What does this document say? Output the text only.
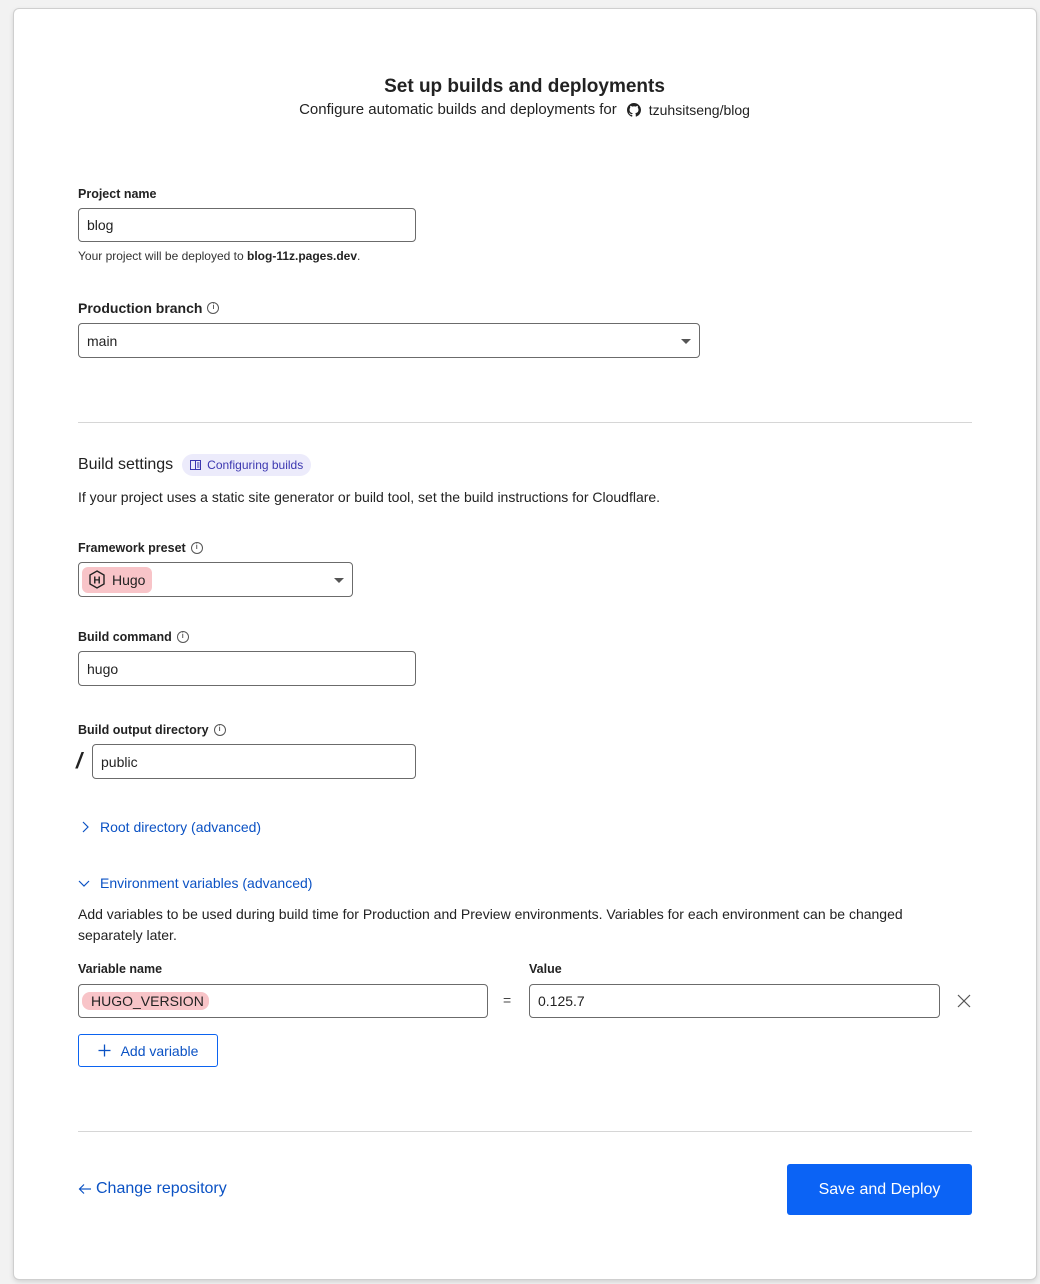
Set up builds and deployments
Configure automatic builds and deployments for tzuhsitseng/blog
Project name
blog
Your project will be deployed to blog-11z.pages.dev.
Production branch	i
main
Build settings	Configuring builds
If your project uses a static site generator or build tool, set the build instructions for Cloudflare.
Framework preset	i
H Hugo
Build command	i
hugo
Build output directory	i
/ public
Root directory (advanced)
Environment variables (advanced)
Add variables to be used during build time for Production and Preview environments. Variables for each environment can be changed separately later.
Variable name	Value
HUGO_VERSION	= 0.125.7
Add variable
Change repository	Save and Deploy
